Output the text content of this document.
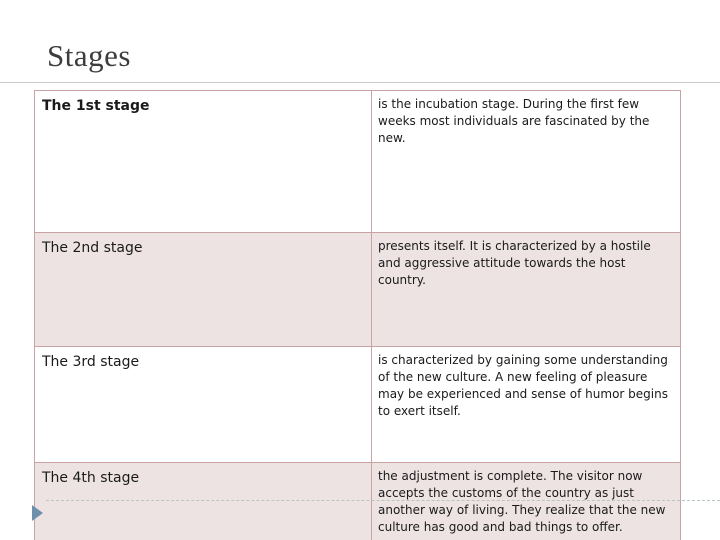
Stages
The 1st stage	is the incubation stage. During the first few weeks most individuals are fascinated by the new.
The 2nd stage	presents itself. It is characterized by a hostile and aggressive attitude towards the host country.
The 3rd stage	is characterized by gaining some understanding of the new culture. A new feeling of pleasure may be experienced and sense of humor begins to exert itself.
The 4th stage	the adjustment is complete. The visitor now accepts the customs of the country as just another way of living. They realize that the new culture has good and bad things to offer.
